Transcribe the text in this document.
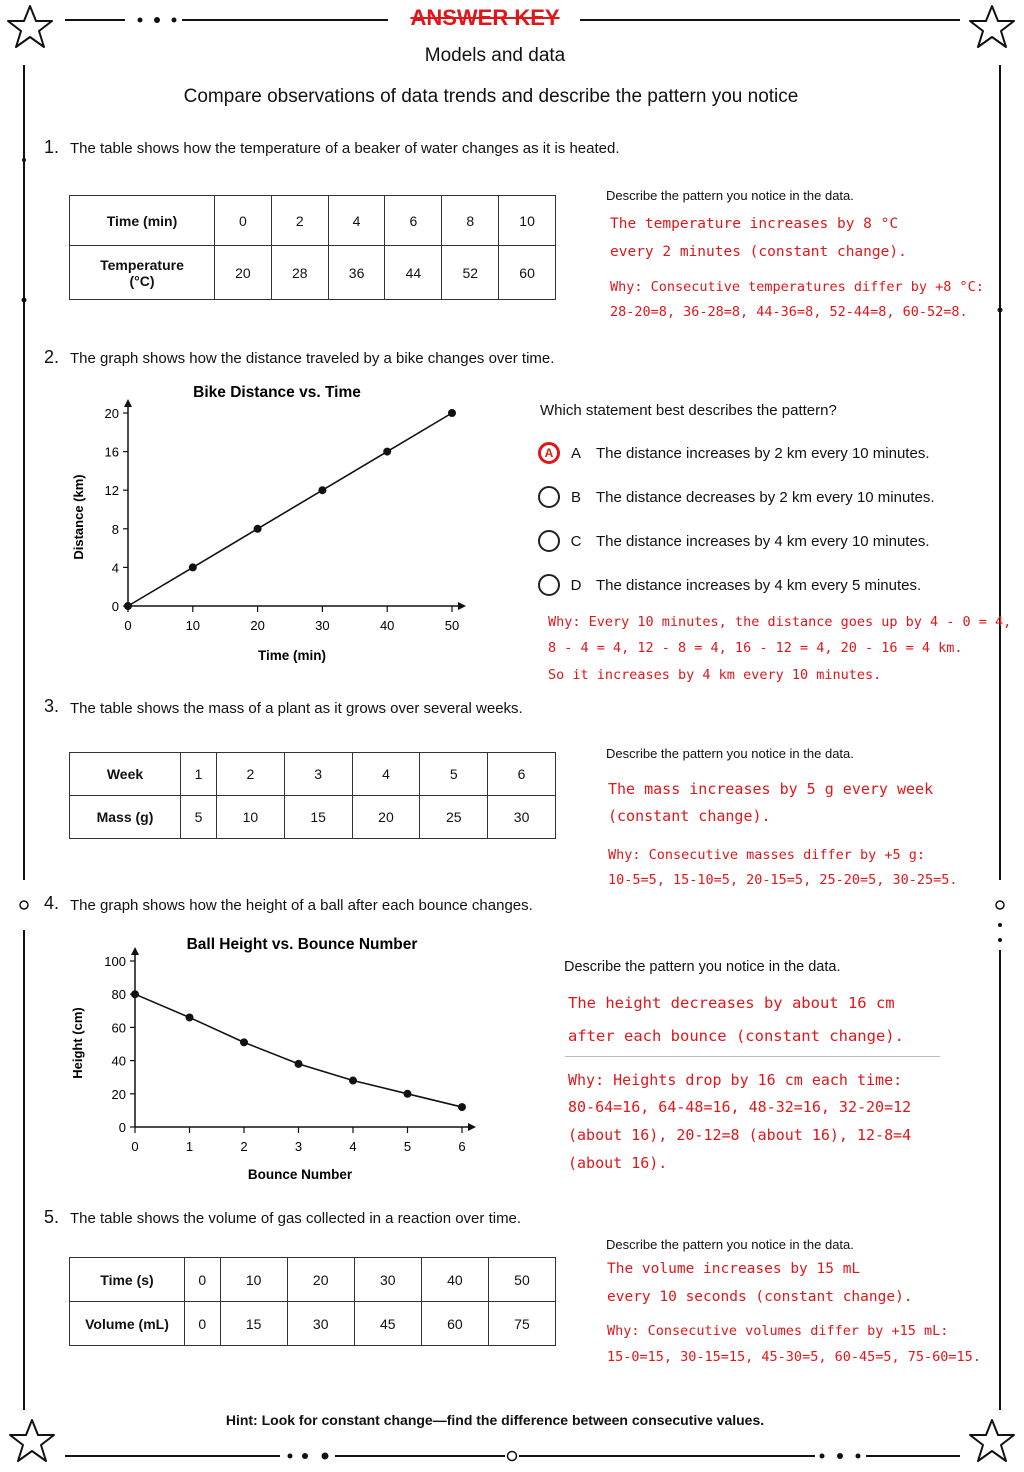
ANSWER KEY
Models and data
Compare observations of data trends and describe the pattern you notice
1. The table shows how the temperature of a beaker of water changes as it is heated.
Time (min)	0	2	4	6	8	10

Temperature
(°C)	20	28	36	44	52	60
Describe the pattern you notice in the data.
The temperature increases by 8 °C
every 2 minutes (constant change).
Why: Consecutive temperatures differ by +8 °C:
28-20=8, 36-28=8, 44-36=8, 52-44=8, 60-52=8.
2. The graph shows how the distance traveled by a bike changes over time.
Bike Distance vs. Time
Distance (km)
Time (min)
0
4
8
12
16
20
0	10	20	30	40	50
Which statement best describes the pattern?
A	A	The distance increases by 2 km every 10 minutes.
B	The distance decreases by 2 km every 10 minutes.
C The distance increases by 4 km every 10 minutes.
D The distance increases by 4 km every 5 minutes.
Why: Every 10 minutes, the distance goes up by 4 - 0 = 4,
8 - 4 = 4, 12 - 8 = 4, 16 - 12 = 4, 20 - 16 = 4 km.
So it increases by 4 km every 10 minutes.
3. The table shows the mass of a plant as it grows over several weeks.
Week	1	2	3	4	5	6
Mass (g)	5	10	15	20	25	30
Describe the pattern you notice in the data.
The mass increases by 5 g every week
(constant change).
Why: Consecutive masses differ by +5 g:
10-5=5, 15-10=5, 20-15=5, 25-20=5, 30-25=5.
4. The graph shows how the height of a ball after each bounce changes.
Ball Height vs. Bounce Number
Height (cm)
Bounce Number
0
20
40
60
80
100
0	1	2	3	4	5	6
Describe the pattern you notice in the data.
The height decreases by about 16 cm
after each bounce (constant change).
Why: Heights drop by 16 cm each time:
80-64=16, 64-48=16, 48-32=16, 32-20=12
(about 16), 20-12=8 (about 16), 12-8=4
(about 16).
5. The table shows the volume of gas collected in a reaction over time.
Time (s)	0	10	20	30	40	50
Volume (mL)	0	15	30	45	60	75
Describe the pattern you notice in the data.
The volume increases by 15 mL
every 10 seconds (constant change).
Why: Consecutive volumes differ by +15 mL:
15-0=15, 30-15=15, 45-30=5, 60-45=5, 75-60=15.
Hint: Look for constant change—find the difference between consecutive values.
